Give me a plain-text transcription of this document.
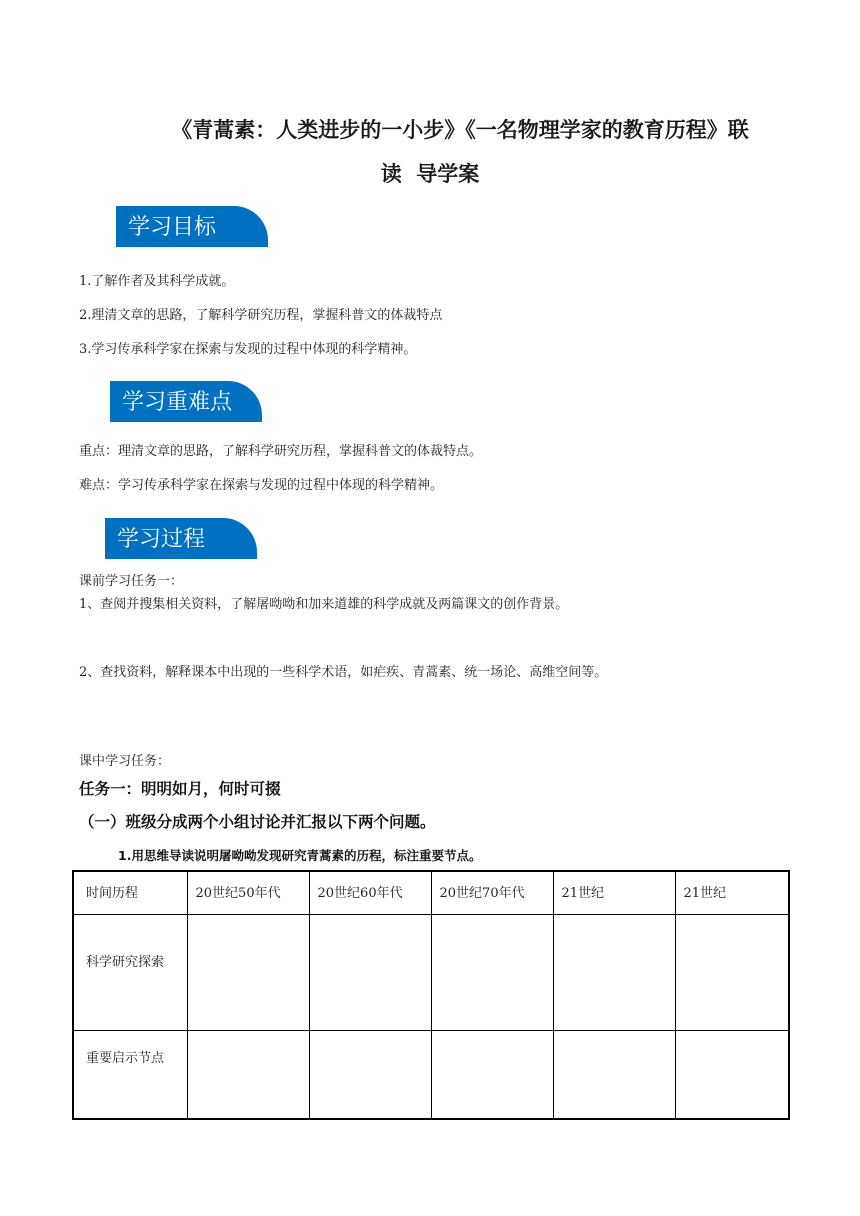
《青蒿素：人类进步的一小步》《一名物理学家的教育历程》联
读  导学案
学习目标
1.了解作者及其科学成就。
2.理清文章的思路，了解科学研究历程，掌握科普文的体裁特点
3.学习传承科学家在探索与发现的过程中体现的科学精神。
学习重难点
重点：理清文章的思路，了解科学研究历程，掌握科普文的体裁特点。
难点：学习传承科学家在探索与发现的过程中体现的科学精神。
学习过程
课前学习任务一：
1、查阅并搜集相关资料，了解屠呦呦和加来道雄的科学成就及两篇课文的创作背景。
2、查找资料，解释课本中出现的一些科学术语，如疟疾、青蒿素、统一场论、高维空间等。
课中学习任务：
任务一：明明如月，何时可掇
（一）班级分成两个小组讨论并汇报以下两个问题。
1.用思维导读说明屠呦呦发现研究青蒿素的历程，标注重要节点。
时间历程	20世纪50年代	20世纪60年代	20世纪70年代	21世纪	21世纪
科学研究探索					
重要启示节点					
